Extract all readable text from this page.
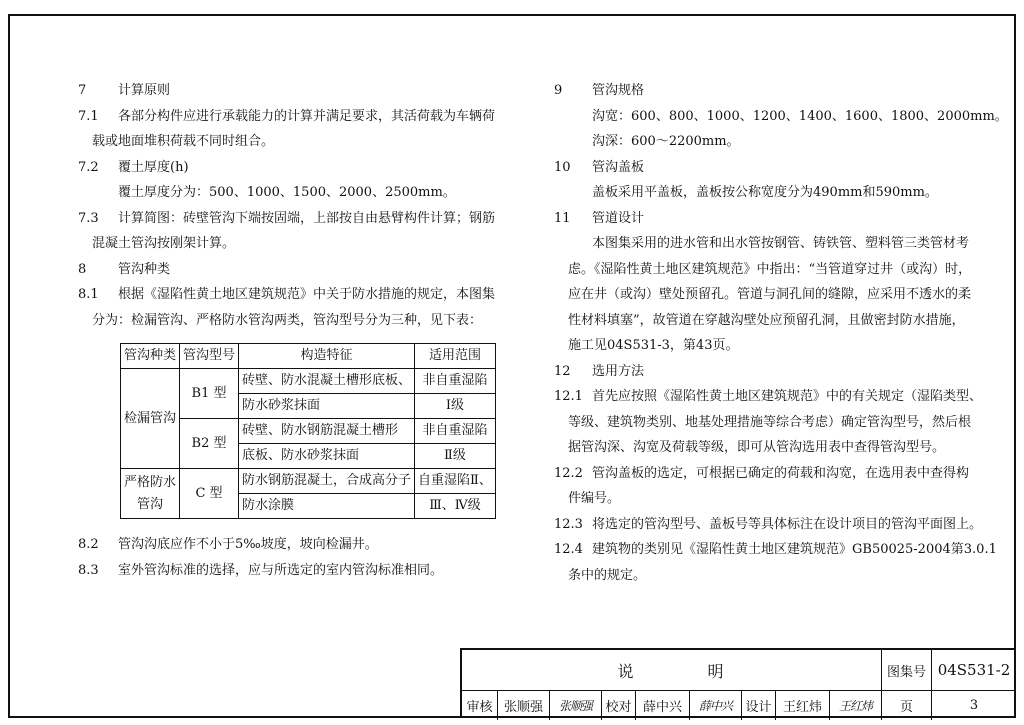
7 计算原则
7.1 各部分构件应进行承载能力的计算并满足要求，其活荷载为车辆荷
载或地面堆积荷载不同时组合。
7.2 覆土厚度(h)
覆土厚度分为：500、1000、1500、2000、2500mm。
7.3 计算简图：砖壁管沟下端按固端，上部按自由悬臂构件计算；钢筋
混凝土管沟按刚架计算。
8 管沟种类
8.1 根据《湿陷性黄土地区建筑规范》中关于防水措施的规定，本图集
分为：检漏管沟、严格防水管沟两类，管沟型号分为三种，见下表：
管沟种类	管沟型号	构造特征	适用范围
检漏管沟	B1 型	砖壁、防水混凝土槽形底板、	非自重湿陷
		防水砂浆抹面	Ⅰ级
	B2 型	砖壁、防水钢筋混凝土槽形	非自重湿陷
		底板、防水砂浆抹面	Ⅱ级
严格防水管沟	C 型	防水钢筋混凝土，合成高分子	自重湿陷Ⅱ、
		防水涂膜	Ⅲ、Ⅳ级
8.2 管沟沟底应作不小于5‰坡度，坡向检漏井。
8.3 室外管沟标准的选择，应与所选定的室内管沟标准相同。
9 管沟规格
沟宽：600、800、1000、1200、1400、1600、1800、2000mm。
沟深：600～2200mm。
10 管沟盖板
盖板采用平盖板，盖板按公称宽度分为490mm和590mm。
11 管道设计
本图集采用的进水管和出水管按钢管、铸铁管、塑料管三类管材考
虑。《湿陷性黄土地区建筑规范》中指出：“当管道穿过井（或沟）时，
应在井（或沟）壁处预留孔。管道与洞孔间的缝隙，应采用不透水的柔
性材料填塞”，故管道在穿越沟壁处应预留孔洞，且做密封防水措施，
施工见04S531-3，第43页。
12 选用方法
12.1 首先应按照《湿陷性黄土地区建筑规范》中的有关规定（湿陷类型、
等级、建筑物类别、地基处理措施等综合考虑）确定管沟型号，然后根
据管沟深、沟宽及荷载等级，即可从管沟选用表中查得管沟型号。
12.2 管沟盖板的选定，可根据已确定的荷载和沟宽，在选用表中查得构
件编号。
12.3 将选定的管沟型号、盖板号等具体标注在设计项目的管沟平面图上。
12.4 建筑物的类别见《湿陷性黄土地区建筑规范》GB50025-2004第3.0.1
条中的规定。
说　　　　明	图集号 04S531-2
审核 张顺强	张顺强	校对 薛中兴	薛中兴	设计 王红炜	王红炜	页	3
